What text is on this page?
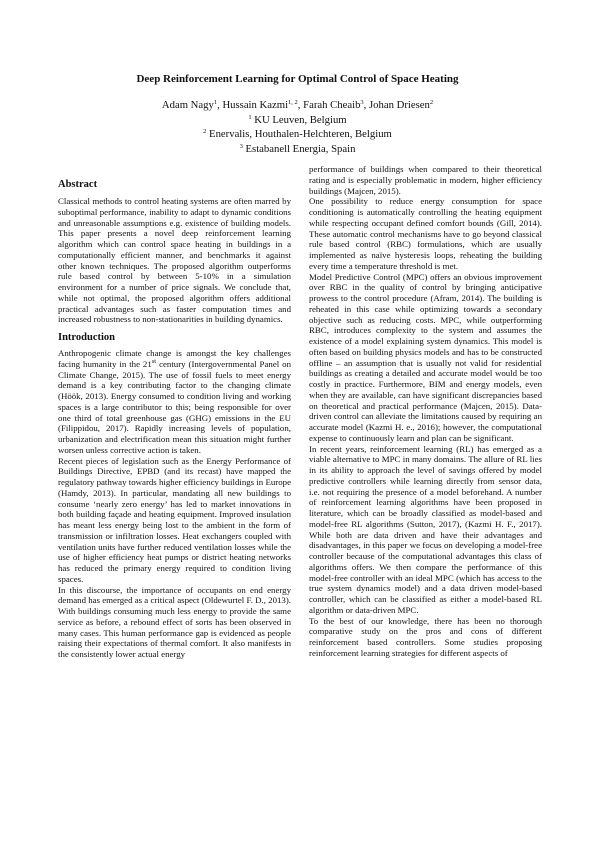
Deep Reinforcement Learning for Optimal Control of Space Heating
Adam Nagy$^1$, Hussain Kazmi$^{1, 2}$, Farah Cheaib$^3$, Johan Driesen$^2$
$^1$ KU Leuven, Belgium
$^2$ Enervalis, Houthalen-Helchteren, Belgium
$^3$ Estabanell Energia, Spain
Abstract

Classical methods to control heating systems are often marred by suboptimal performance, inability to adapt to dynamic conditions and unreasonable assumptions e.g. existence of building models. This paper presents a novel deep reinforcement learning algorithm which can control space heating in buildings in a computationally efficient manner, and benchmarks it against other known techniques. The proposed algorithm outperforms rule based control by between 5-10% in a simulation environment for a number of price signals. We conclude that, while not optimal, the proposed algorithm offers additional practical advantages such as faster computation times and increased robustness to non-stationarities in building dynamics.

Introduction

Anthropogenic climate change is amongst the key challenges facing humanity in the 21st century (Intergovernmental Panel on Climate Change, 2015). The use of fossil fuels to meet energy demand is a key contributing factor to the changing climate (Höök, 2013). Energy consumed to condition living and working spaces is a large contributor to this; being responsible for over one third of total greenhouse gas (GHG) emissions in the EU (Filippidou, 2017). Rapidly increasing levels of population, urbanization and electrification mean this situation might further worsen unless corrective action is taken.

Recent pieces of legislation such as the Energy Performance of Buildings Directive, EPBD (and its recast) have mapped the regulatory pathway towards higher efficiency buildings in Europe (Hamdy, 2013). In particular, mandating all new buildings to consume ‘nearly zero energy’ has led to market innovations in both building façade and heating equipment. Improved insulation has meant less energy being lost to the ambient in the form of transmission or infiltration losses. Heat exchangers coupled with ventilation units have further reduced ventilation losses while the use of higher efficiency heat pumps or district heating networks has reduced the primary energy required to condition living spaces.

In this discourse, the importance of occupants on end energy demand has emerged as a critical aspect (Oldewurtel F. D., 2013). With buildings consuming much less energy to provide the same service as before, a rebound effect of sorts has been observed in many cases. This human performance gap is evidenced as people raising their expectations of thermal comfort. It also manifests in the consistently lower actual energy

performance of buildings when compared to their theoretical rating and is especially problematic in modern, higher efficiency buildings (Majcen, 2015).

One possibility to reduce energy consumption for space conditioning is automatically controlling the heating equipment while respecting occupant defined comfort bounds (Gill, 2014). These automatic control mechanisms have to go beyond classical rule based control (RBC) formulations, which are usually implemented as naïve hysteresis loops, reheating the building every time a temperature threshold is met.

Model Predictive Control (MPC) offers an obvious improvement over RBC in the quality of control by bringing anticipative prowess to the control procedure (Afram, 2014). The building is reheated in this case while optimizing towards a secondary objective such as reducing costs. MPC, while outperforming RBC, introduces complexity to the system and assumes the existence of a model explaining system dynamics. This model is often based on building physics models and has to be constructed offline – an assumption that is usually not valid for residential buildings as creating a detailed and accurate model would be too costly in practice. Furthermore, BIM and energy models, even when they are available, can have significant discrepancies based on theoretical and practical performance (Majcen, 2015). Data-driven control can alleviate the limitations caused by requiring an accurate model (Kazmi H. e., 2016); however, the computational expense to continuously learn and plan can be significant.

In recent years, reinforcement learning (RL) has emerged as a viable alternative to MPC in many domains. The allure of RL lies in its ability to approach the level of savings offered by model predictive controllers while learning directly from sensor data, i.e. not requiring the presence of a model beforehand. A number of reinforcement learning algorithms have been proposed in literature, which can be broadly classified as model-based and model-free RL algorithms (Sutton, 2017), (Kazmi H. F., 2017). While both are data driven and have their advantages and disadvantages, in this paper we focus on developing a model-free controller because of the computational advantages this class of algorithms offers. We then compare the performance of this model-free controller with an ideal MPC (which has access to the true system dynamics model) and a data driven model-based controller, which can be classified as either a model-based RL algorithm or data-driven MPC.

To the best of our knowledge, there has been no thorough comparative study on the pros and cons of different reinforcement based controllers. Some studies proposing reinforcement learning strategies for different aspects of
